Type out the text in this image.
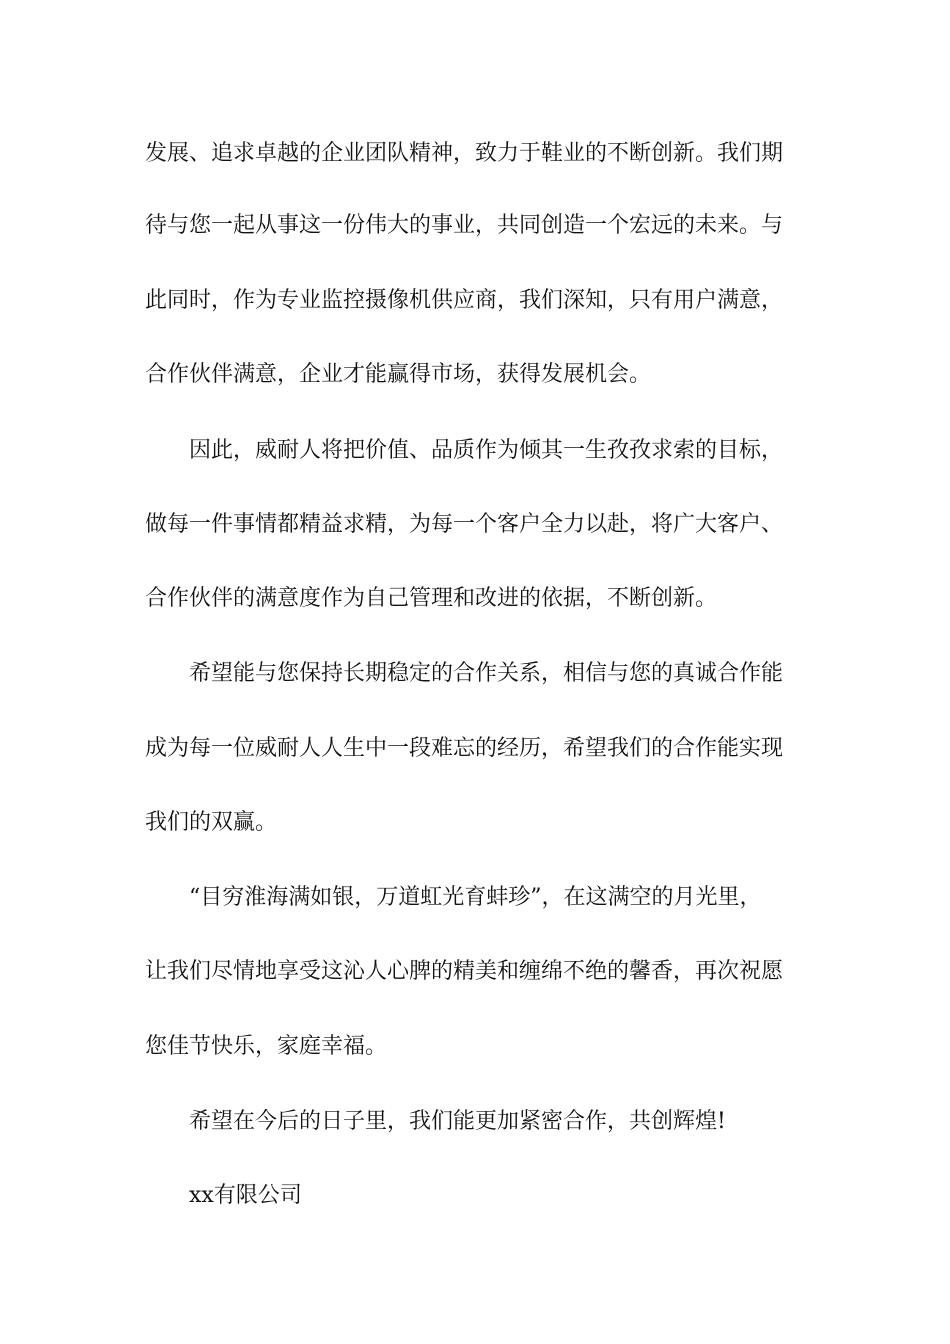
发展、追求卓越的企业团队精神，致力于鞋业的不断创新。我们期
待与您一起从事这一份伟大的事业，共同创造一个宏远的未来。与
此同时，作为专业监控摄像机供应商，我们深知，只有用户满意，
合作伙伴满意，企业才能赢得市场，获得发展机会。
因此，威耐人将把价值、品质作为倾其一生孜孜求索的目标，
做每一件事情都精益求精，为每一个客户全力以赴，将广大客户、
合作伙伴的满意度作为自己管理和改进的依据，不断创新。
希望能与您保持长期稳定的合作关系，相信与您的真诚合作能
成为每一位威耐人人生中一段难忘的经历，希望我们的合作能实现
我们的双赢。
“目穷淮海满如银，万道虹光育蚌珍”，在这满空的月光里，
让我们尽情地享受这沁人心脾的精美和缠绵不绝的馨香，再次祝愿
您佳节快乐，家庭幸福。
希望在今后的日子里，我们能更加紧密合作，共创辉煌!
xx有限公司
